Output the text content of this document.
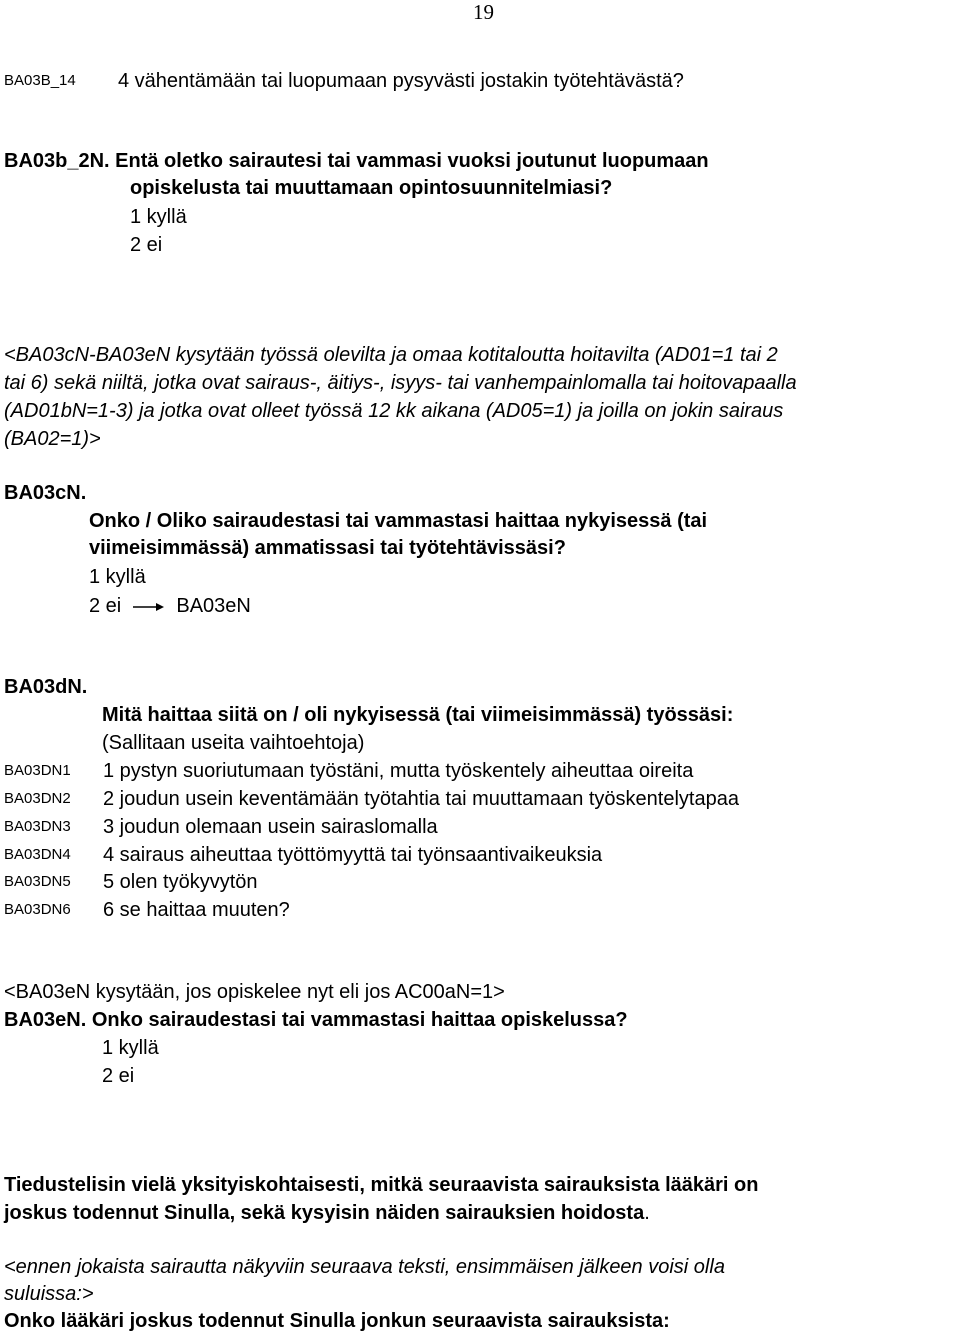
19
BA03B_14 4 vähentämään tai luopumaan pysyvästi jostakin työtehtävästä?
BA03b_2N. Entä oletko sairautesi tai vammasi vuoksi joutunut luopumaan
opiskelusta tai muuttamaan opintosuunnitelmiasi?
1 kyllä
2 ei
<BA03cN-BA03eN kysytään työssä olevilta ja omaa kotitaloutta hoitavilta (AD01=1 tai 2
tai 6) sekä niiltä, jotka ovat sairaus-, äitiys-, isyys- tai vanhempainlomalla tai hoitovapaalla
(AD01bN=1-3) ja jotka ovat olleet työssä 12 kk aikana (AD05=1) ja joilla on jokin sairaus
(BA02=1)>
BA03cN.
Onko / Oliko sairaudestasi tai vammastasi haittaa nykyisessä (tai
viimeisimmässä) ammatissasi tai työtehtävissäsi?
1 kyllä
2 ei	BA03eN
BA03dN.
Mitä haittaa siitä on / oli nykyisessä (tai viimeisimmässä) työssäsi:
(Sallitaan useita vaihtoehtoja)
BA03DN1 1 pystyn suoriutumaan työstäni, mutta työskentely aiheuttaa oireita
BA03DN2 2 joudun usein keventämään työtahtia tai muuttamaan työskentelytapaa
BA03DN3 3 joudun olemaan usein sairaslomalla
BA03DN4 4 sairaus aiheuttaa työttömyyttä tai työnsaantivaikeuksia
BA03DN5 5 olen työkyvytön
BA03DN6 6 se haittaa muuten?
<BA03eN kysytään, jos opiskelee nyt eli jos AC00aN=1>
BA03eN. Onko sairaudestasi tai vammastasi haittaa opiskelussa?
1 kyllä
2 ei
Tiedustelisin vielä yksityiskohtaisesti, mitkä seuraavista sairauksista lääkäri on
joskus todennut Sinulla, sekä kysyisin näiden sairauksien hoidosta.
<ennen jokaista sairautta näkyviin seuraava teksti, ensimmäisen jälkeen voisi olla
suluissa:>
Onko lääkäri joskus todennut Sinulla jonkun seuraavista sairauksista:
